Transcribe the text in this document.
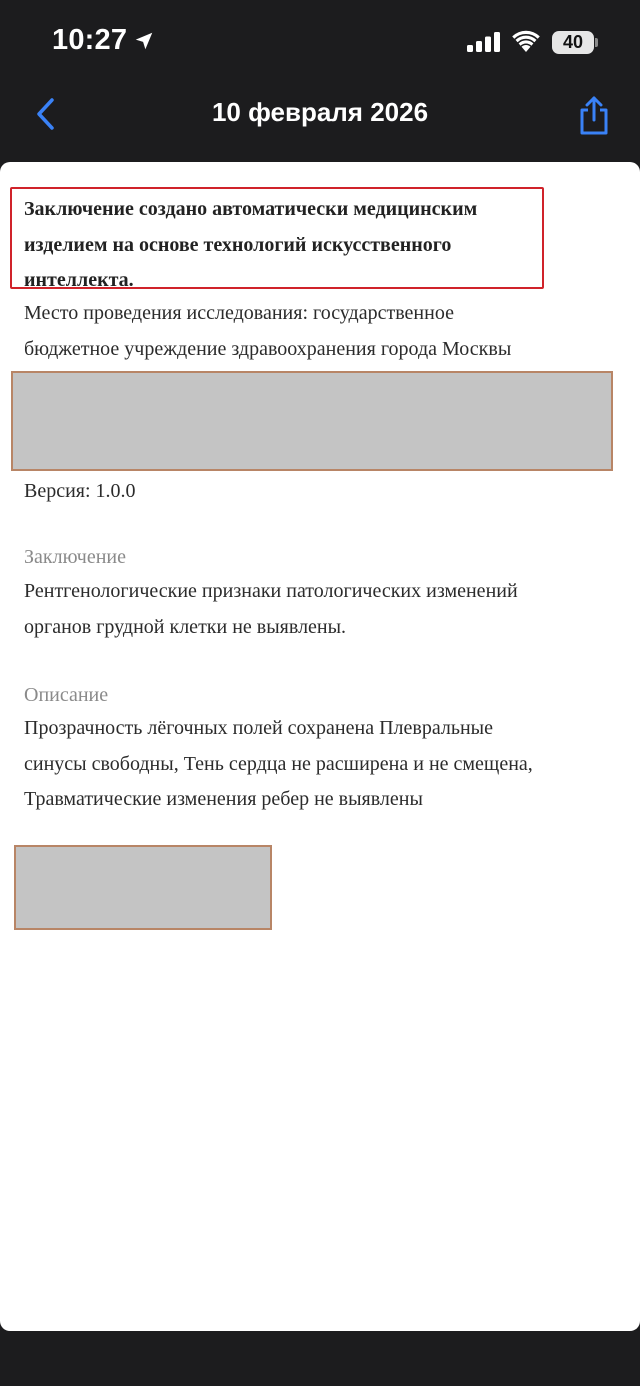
10:27	40
10 февраля 2026
Заключение создано автоматически медицинским изделием на основе технологий искусственного интеллекта.
Место проведения исследования: государственное
бюджетное учреждение здравоохранения города Москвы
Версия: 1.0.0
Заключение
Рентгенологические признаки патологических изменений
органов грудной клетки не выявлены.
Описание
Прозрачность лёгочных полей сохранена Плевральные
синусы свободны, Тень сердца не расширена и не смещена,
Травматические изменения ребер не выявлены
